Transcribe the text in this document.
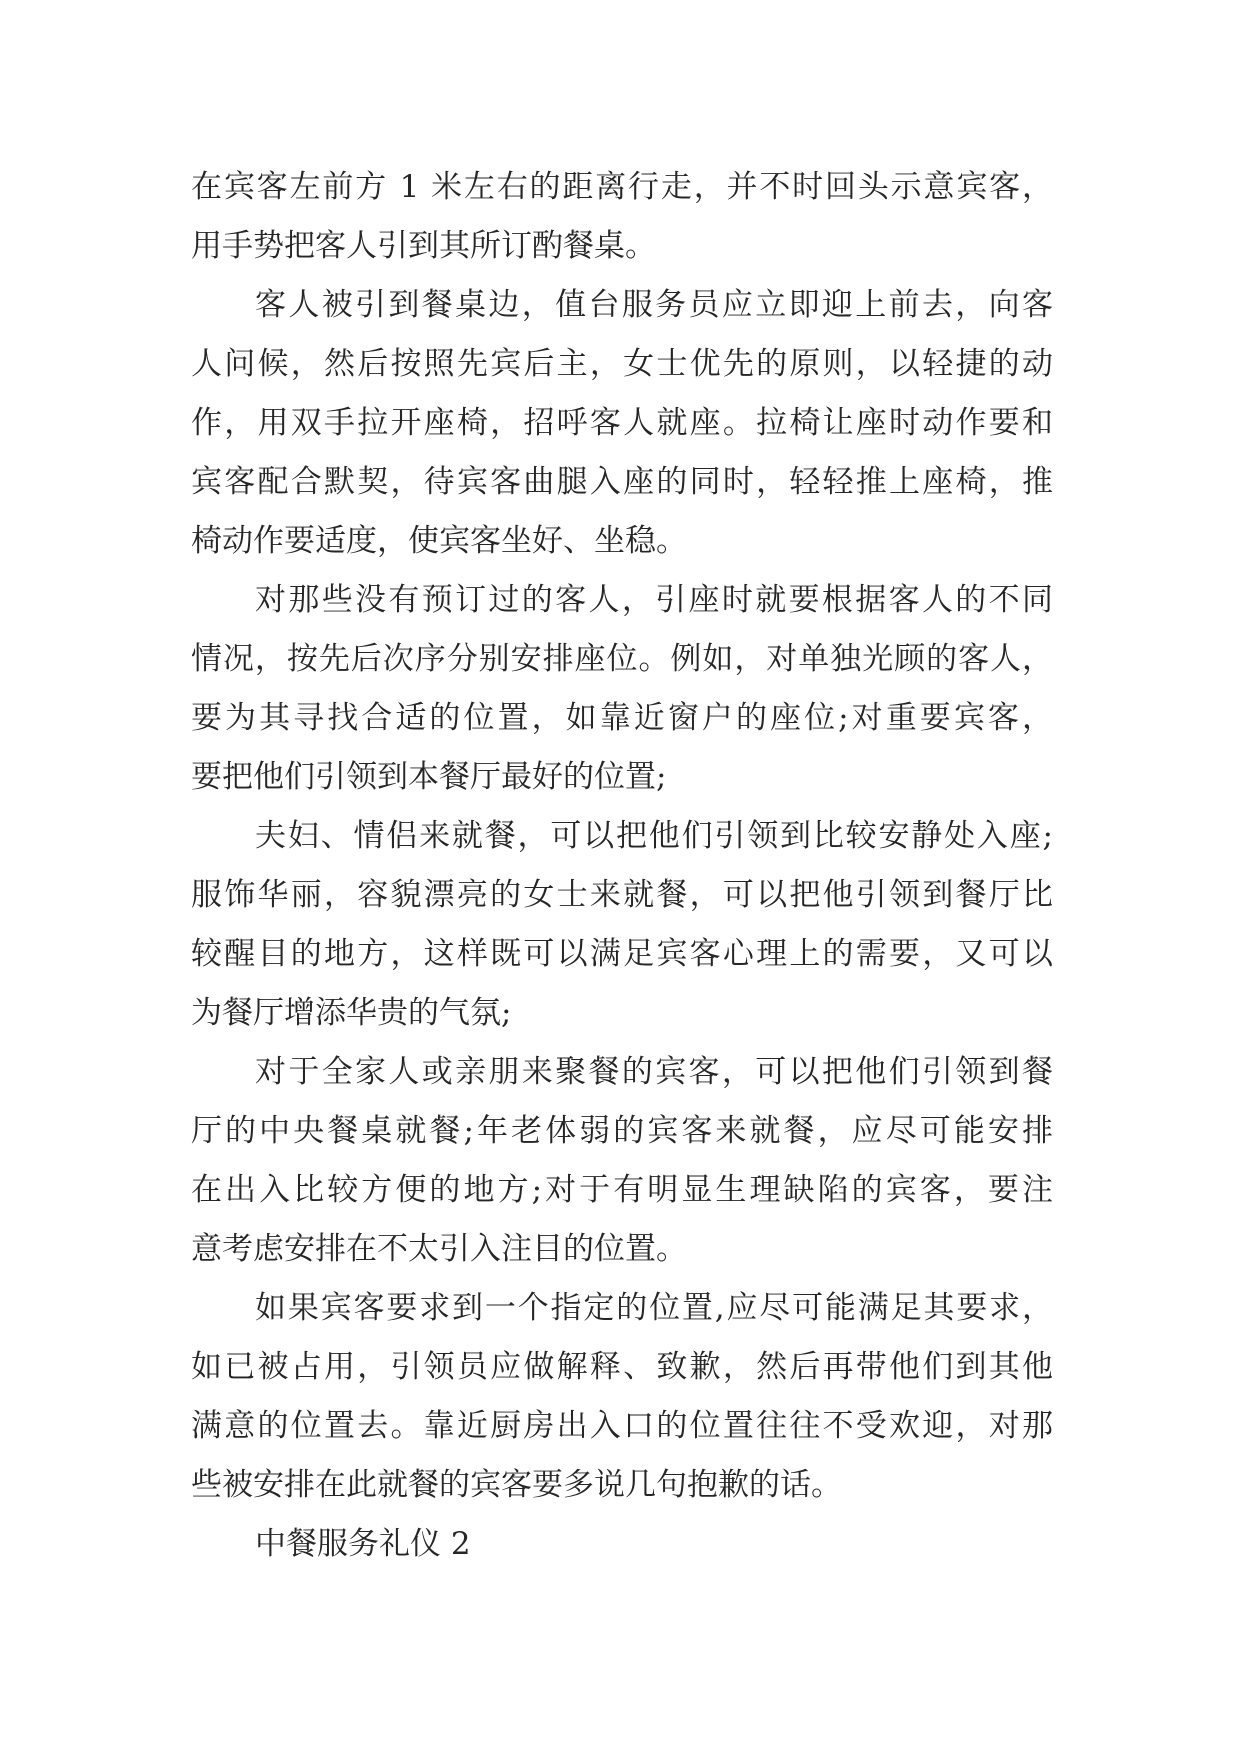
在宾客左前方 1 米左右的距离行走，并不时回头示意宾客，
用手势把客人引到其所订酌餐桌。
客人被引到餐桌边，值台服务员应立即迎上前去，向客
人问候，然后按照先宾后主，女士优先的原则，以轻捷的动
作，用双手拉开座椅，招呼客人就座。拉椅让座时动作要和
宾客配合默契，待宾客曲腿入座的同时，轻轻推上座椅，推
椅动作要适度，使宾客坐好、坐稳。
对那些没有预订过的客人，引座时就要根据客人的不同
情况，按先后次序分别安排座位。例如，对单独光顾的客人，
要为其寻找合适的位置，如靠近窗户的座位;对重要宾客，
要把他们引领到本餐厅最好的位置;
夫妇、情侣来就餐，可以把他们引领到比较安静处入座;
服饰华丽，容貌漂亮的女士来就餐，可以把他引领到餐厅比
较醒目的地方，这样既可以满足宾客心理上的需要，又可以
为餐厅增添华贵的气氛;
对于全家人或亲朋来聚餐的宾客，可以把他们引领到餐
厅的中央餐桌就餐;年老体弱的宾客来就餐，应尽可能安排
在出入比较方便的地方;对于有明显生理缺陷的宾客，要注
意考虑安排在不太引入注目的位置。
如果宾客要求到一个指定的位置,应尽可能满足其要求，
如已被占用，引领员应做解释、致歉，然后再带他们到其他
满意的位置去。靠近厨房出入口的位置往往不受欢迎，对那
些被安排在此就餐的宾客要多说几句抱歉的话。
中餐服务礼仪 2
